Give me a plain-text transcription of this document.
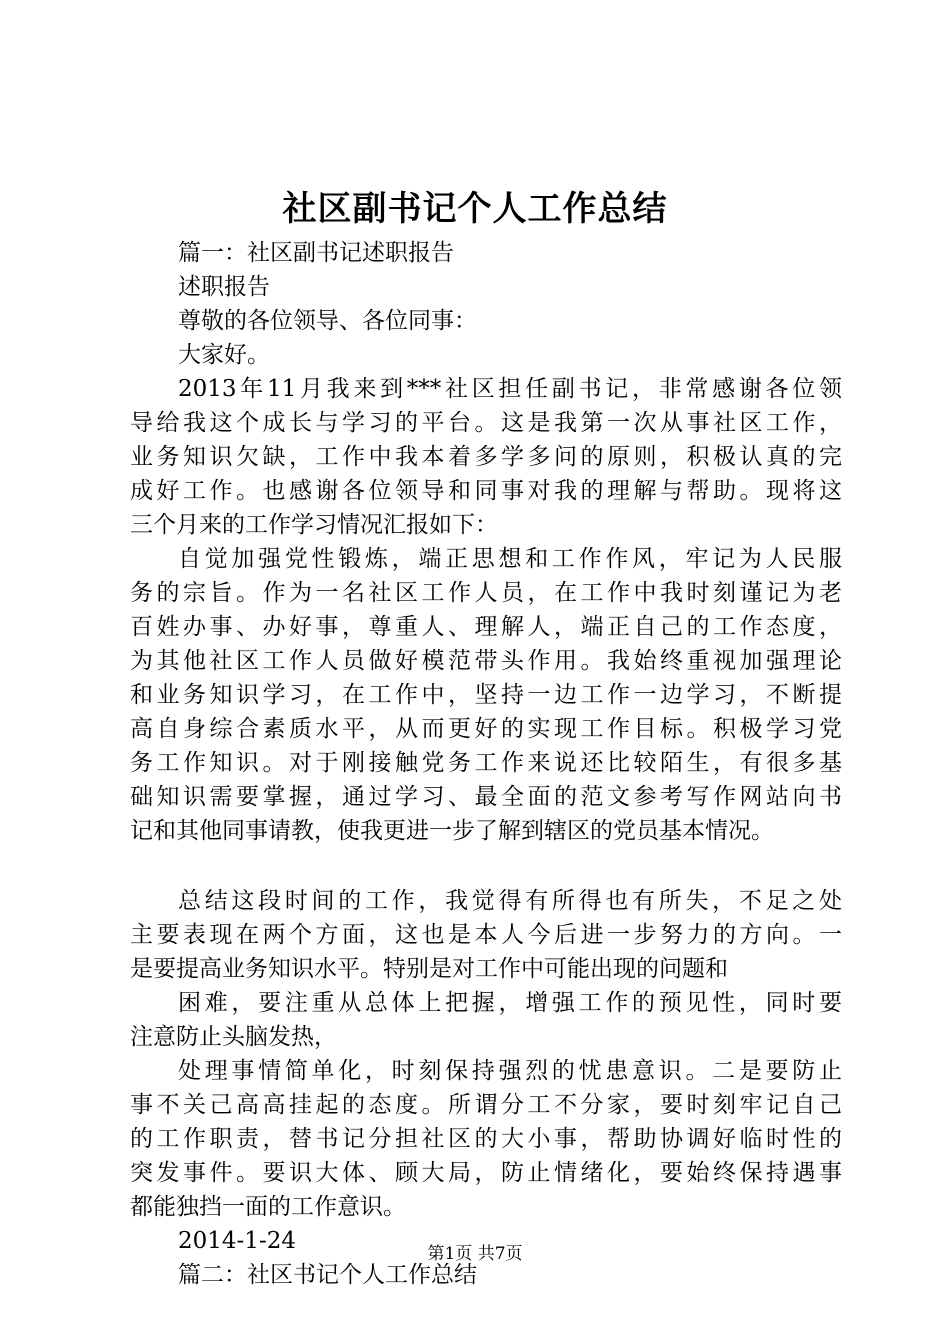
社区副书记个人工作总结
篇一：社区副书记述职报告
述职报告
尊敬的各位领导、各位同事：
大家好。
2013年11月我来到***社区担任副书记，非常感谢各位领
导给我这个成长与学习的平台。这是我第一次从事社区工作，
业务知识欠缺，工作中我本着多学多问的原则，积极认真的完
成好工作。也感谢各位领导和同事对我的理解与帮助。现将这
三个月来的工作学习情况汇报如下：
自觉加强党性锻炼，端正思想和工作作风，牢记为人民服
务的宗旨。作为一名社区工作人员，在工作中我时刻谨记为老
百姓办事、办好事，尊重人、理解人，端正自己的工作态度，
为其他社区工作人员做好模范带头作用。我始终重视加强理论
和业务知识学习，在工作中，坚持一边工作一边学习，不断提
高自身综合素质水平，从而更好的实现工作目标。积极学习党
务工作知识。对于刚接触党务工作来说还比较陌生，有很多基
础知识需要掌握，通过学习、最全面的范文参考写作网站向书
记和其他同事请教，使我更进一步了解到辖区的党员基本情况。
总结这段时间的工作，我觉得有所得也有所失，不足之处
主要表现在两个方面，这也是本人今后进一步努力的方向。一
是要提高业务知识水平。特别是对工作中可能出现的问题和
困难，要注重从总体上把握，增强工作的预见性，同时要
注意防止头脑发热，
处理事情简单化，时刻保持强烈的忧患意识。二是要防止
事不关己高高挂起的态度。所谓分工不分家，要时刻牢记自己
的工作职责，替书记分担社区的大小事，帮助协调好临时性的
突发事件。要识大体、顾大局，防止情绪化，要始终保持遇事
都能独挡一面的工作意识。
2014-1-24
篇二：社区书记个人工作总结
第1页 共7页
